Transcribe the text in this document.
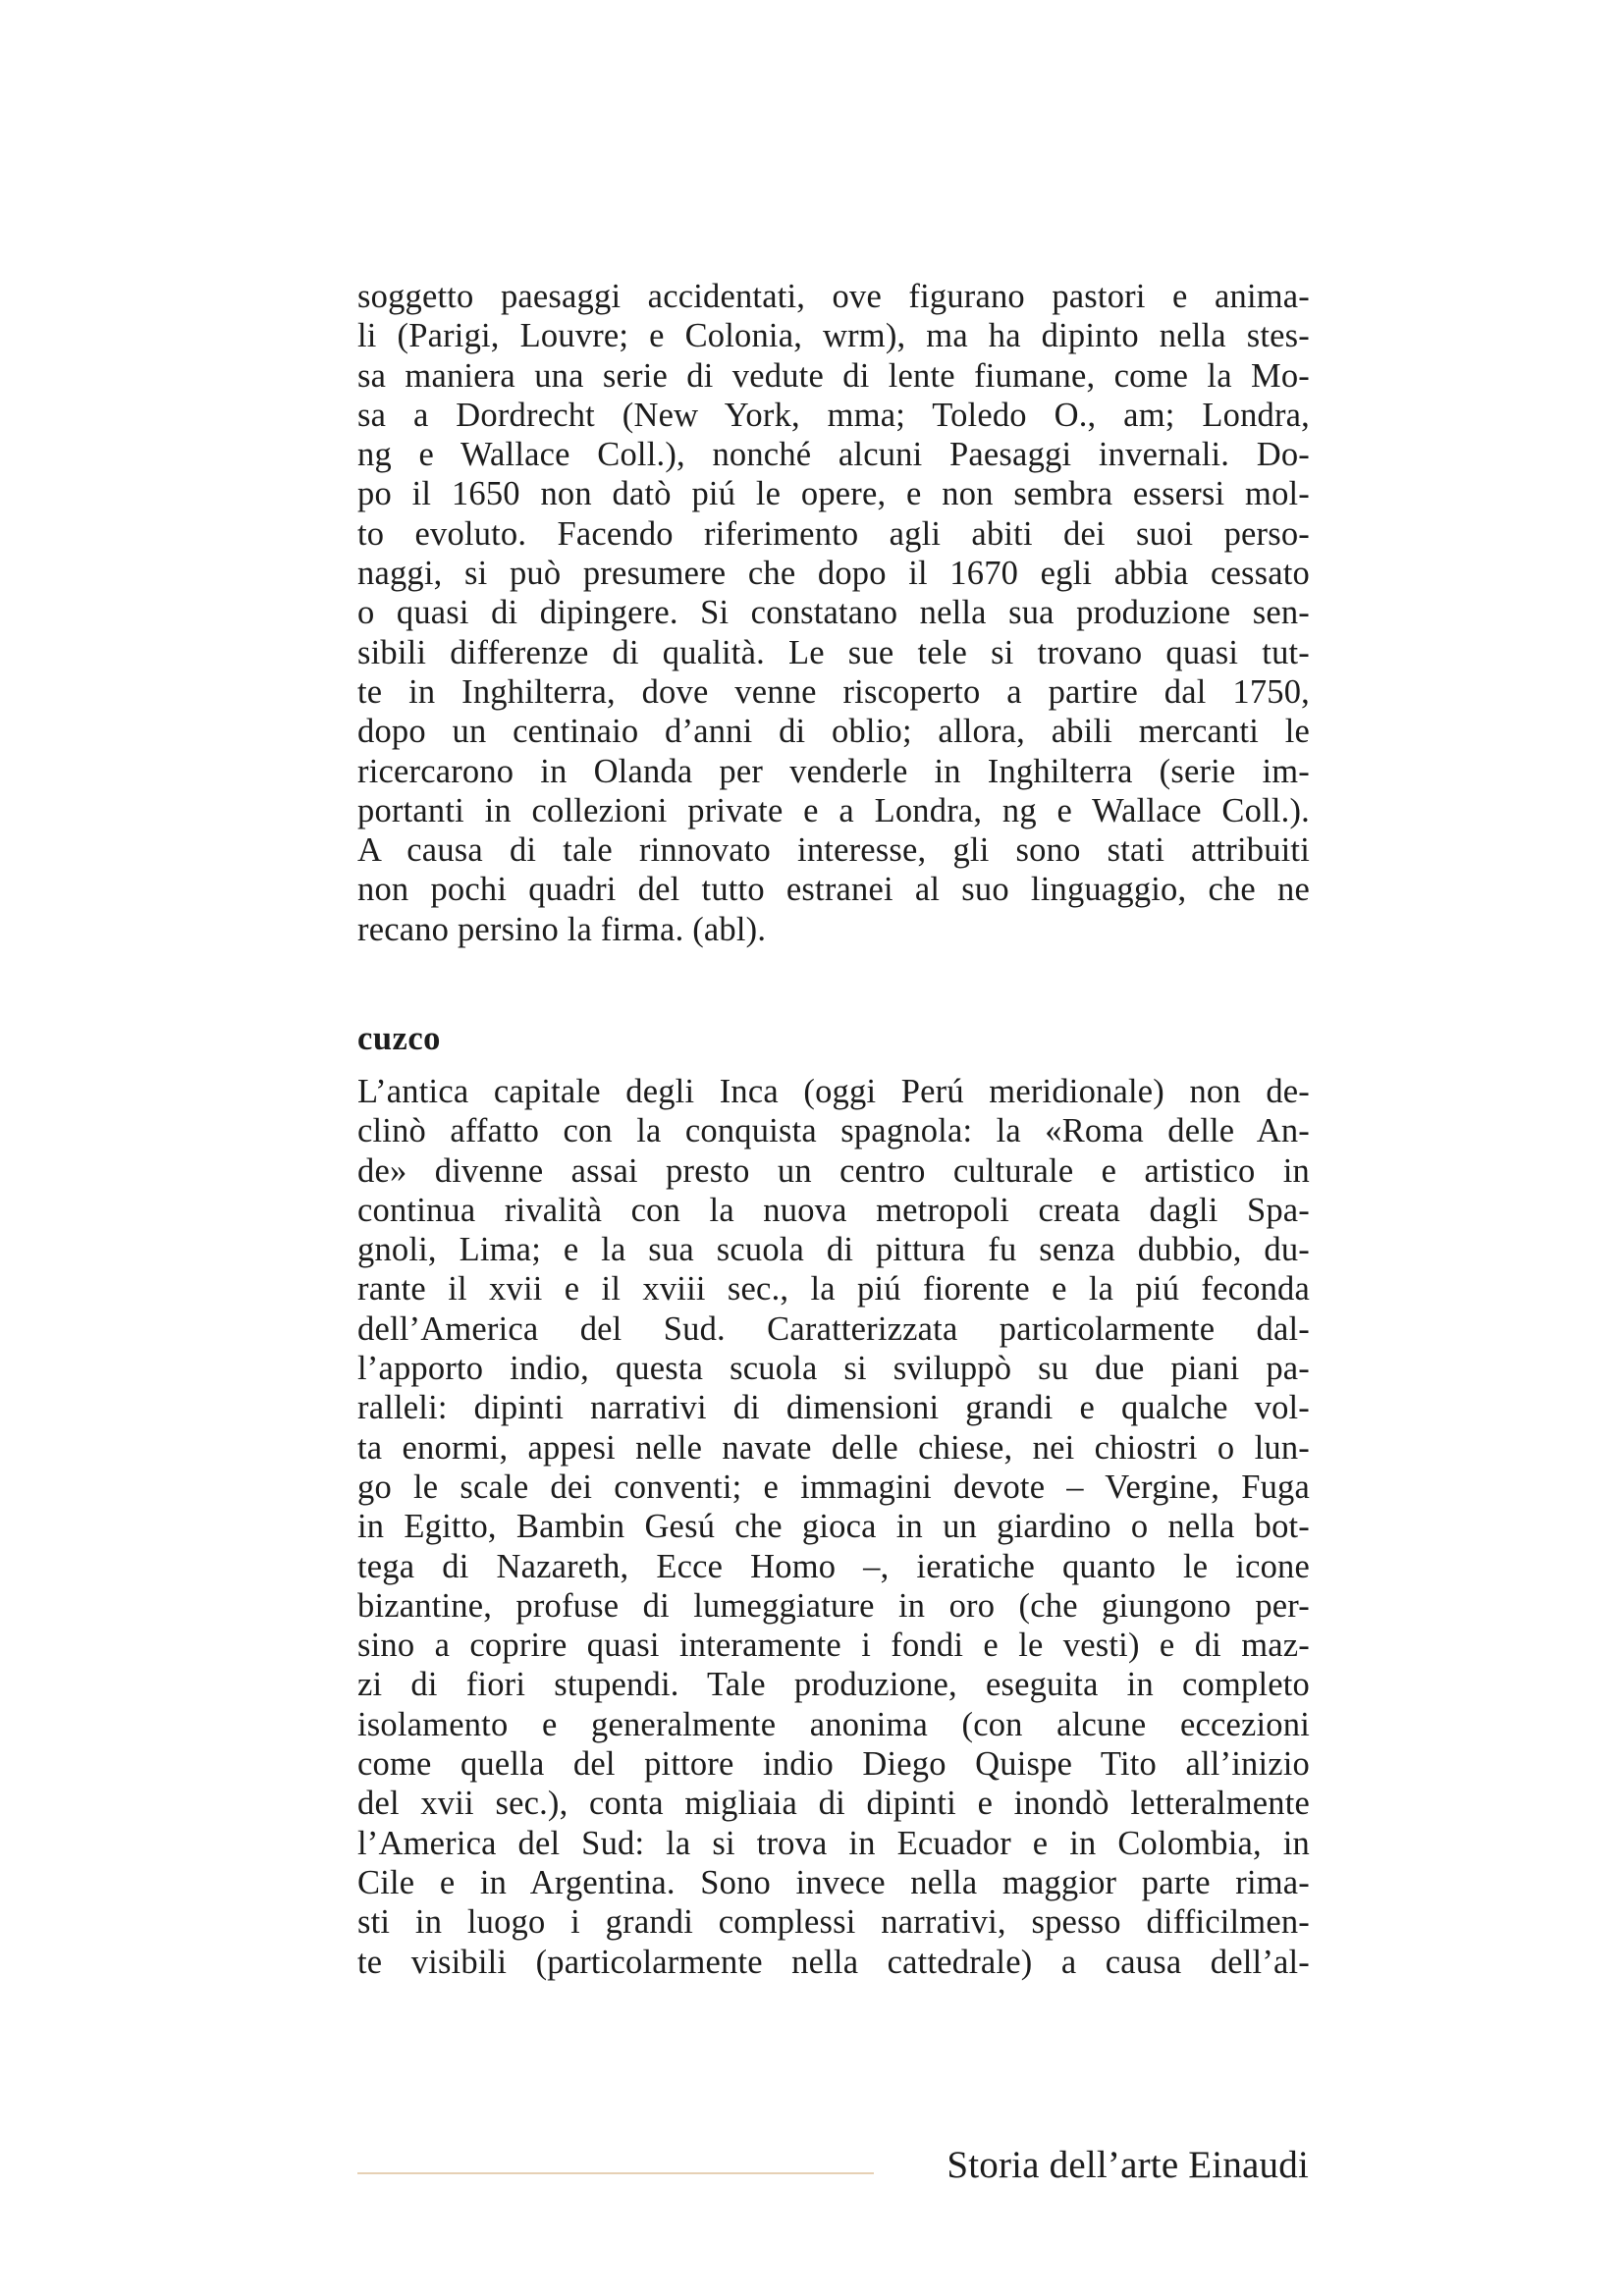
soggetto paesaggi accidentati, ove figurano pastori e anima-
li (Parigi, Louvre; e Colonia, wrm), ma ha dipinto nella stes-
sa maniera una serie di vedute di lente fiumane, come la Mo-
sa a Dordrecht (New York, mma; Toledo O., am; Londra,
ng e Wallace Coll.), nonché alcuni Paesaggi invernali. Do-
po il 1650 non datò piú le opere, e non sembra essersi mol-
to evoluto. Facendo riferimento agli abiti dei suoi perso-
naggi, si può presumere che dopo il 1670 egli abbia cessato
o quasi di dipingere. Si constatano nella sua produzione sen-
sibili differenze di qualità. Le sue tele si trovano quasi tut-
te in Inghilterra, dove venne riscoperto a partire dal 1750,
dopo un centinaio d’anni di oblio; allora, abili mercanti le
ricercarono in Olanda per venderle in Inghilterra (serie im-
portanti in collezioni private e a Londra, ng e Wallace Coll.).
A causa di tale rinnovato interesse, gli sono stati attribuiti
non pochi quadri del tutto estranei al suo linguaggio, che ne
recano persino la firma. (abl).
cuzco
L’antica capitale degli Inca (oggi Perú meridionale) non de-
clinò affatto con la conquista spagnola: la «Roma delle An-
de» divenne assai presto un centro culturale e artistico in
continua rivalità con la nuova metropoli creata dagli Spa-
gnoli, Lima; e la sua scuola di pittura fu senza dubbio, du-
rante il xvii e il xviii sec., la piú fiorente e la piú feconda
dell’America del Sud. Caratterizzata particolarmente dal-
l’apporto indio, questa scuola si sviluppò su due piani pa-
ralleli: dipinti narrativi di dimensioni grandi e qualche vol-
ta enormi, appesi nelle navate delle chiese, nei chiostri o lun-
go le scale dei conventi; e immagini devote – Vergine, Fuga
in Egitto, Bambin Gesú che gioca in un giardino o nella bot-
tega di Nazareth, Ecce Homo –, ieratiche quanto le icone
bizantine, profuse di lumeggiature in oro (che giungono per-
sino a coprire quasi interamente i fondi e le vesti) e di maz-
zi di fiori stupendi. Tale produzione, eseguita in completo
isolamento e generalmente anonima (con alcune eccezioni
come quella del pittore indio Diego Quispe Tito all’inizio
del xvii sec.), conta migliaia di dipinti e inondò letteralmente
l’America del Sud: la si trova in Ecuador e in Colombia, in
Cile e in Argentina. Sono invece nella maggior parte rima-
sti in luogo i grandi complessi narrativi, spesso difficilmen-
te visibili (particolarmente nella cattedrale) a causa dell’al-
Storia dell’arte Einaudi
